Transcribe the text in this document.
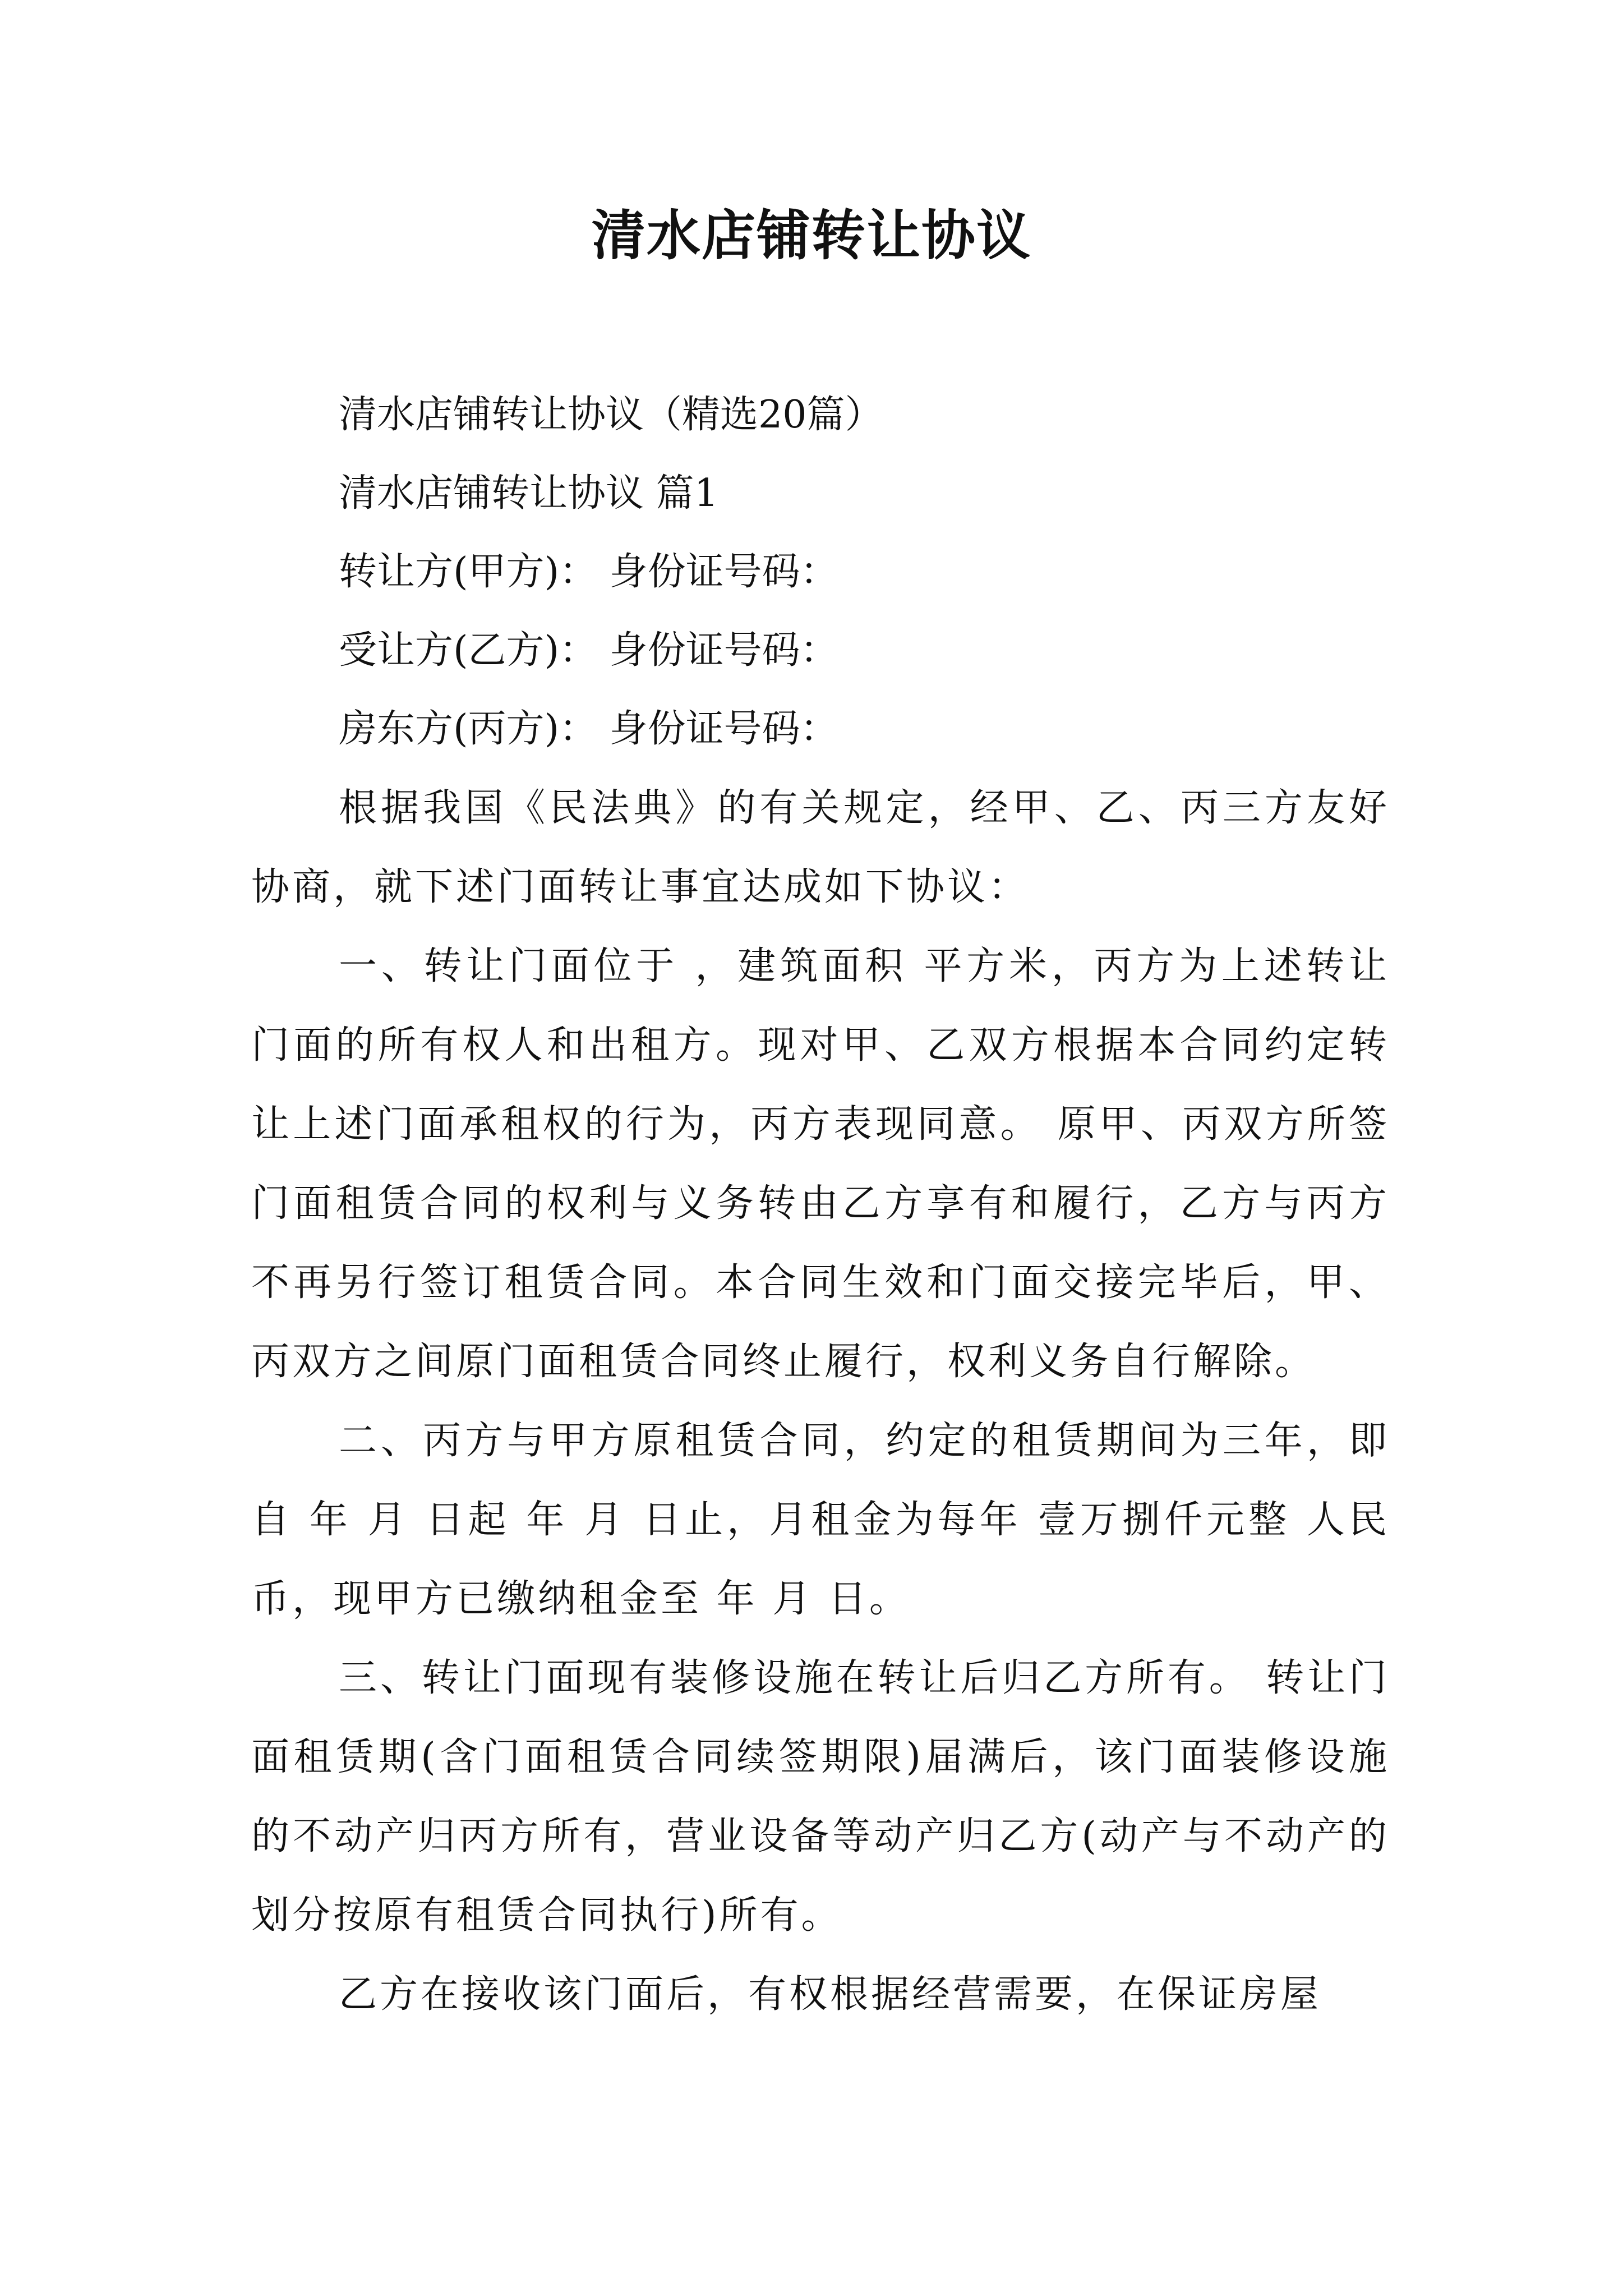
清水店铺转让协议

清水店铺转让协议（精选20篇）

清水店铺转让协议 篇1

转让方(甲方)： 身份证号码：

受让方(乙方)： 身份证号码：

房东方(丙方)： 身份证号码：

根据我国《民法典》的有关规定，经甲、乙、丙三方友好协商，就下述门面转让事宜达成如下协议：

一、转让门面位于 ，建筑面积 平方米，丙方为上述转让门面的所有权人和出租方。现对甲、乙双方根据本合同约定转让上述门面承租权的行为，丙方表现同意。 原甲、丙双方所签门面租赁合同的权利与义务转由乙方享有和履行，乙方与丙方不再另行签订租赁合同。本合同生效和门面交接完毕后，甲、丙双方之间原门面租赁合同终止履行，权利义务自行解除。

二、丙方与甲方原租赁合同，约定的租赁期间为三年，即自 年 月 日起 年 月 日止，月租金为每年 壹万捌仟元整 人民币，现甲方已缴纳租金至 年 月 日。

三、转让门面现有装修设施在转让后归乙方所有。 转让门面租赁期(含门面租赁合同续签期限)届满后，该门面装修设施的不动产归丙方所有，营业设备等动产归乙方(动产与不动产的划分按原有租赁合同执行)所有。

乙方在接收该门面后，有权根据经营需要，在保证房屋
